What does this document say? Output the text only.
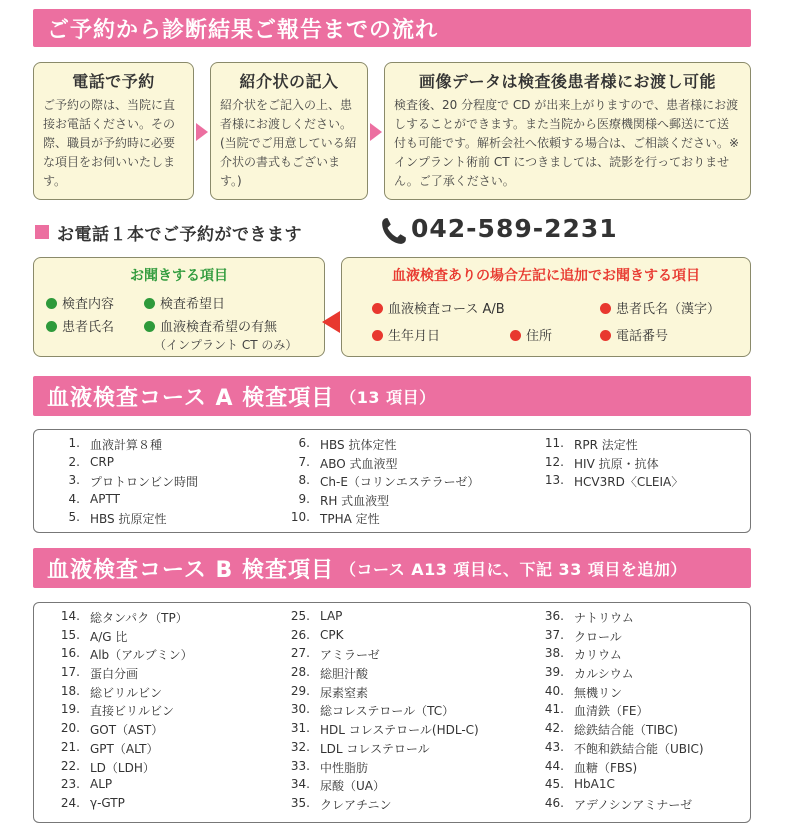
ご予約から診断結果ご報告までの流れ
電話で予約

ご予約の際は、当院に直接お電話ください。その際、職員が予約時に必要な項目をお伺いいたします。

紹介状の記入

紹介状をご記入の上、患者様にお渡しください。(当院でご用意している紹介状の書式もございます。)

画像データは検査後患者様にお渡し可能

検査後、20 分程度で CD が出来上がりますので、患者様にお渡しすることができます。また当院から医療機関様へ郵送にて送付も可能です。解析会社へ依頼する場合は、ご相談ください。※インプラント術前 CT につきましては、読影を行っておりません。ご了承ください。

お電話１本でご予約ができます	042-589-2231
お聞きする項目
検査内容	検査希望日
患者氏名	血液検査希望の有無
（インプラント CT のみ）
血液検査ありの場合左記に追加でお聞きする項目
血液検査コース A/B	患者氏名（漢字）
生年月日	住所	電話番号
血液検査コース A 検査項目 （13 項目）
1. 血液計算８種
2. CRP
3. プロトロンビン時間
4. APTT
5. HBS 抗原定性
6. HBS 抗体定性
7. ABO 式血液型
8. Ch-E（コリンエステラーゼ）
9. RH 式血液型
10. TPHA 定性
11. RPR 法定性
12. HIV 抗原・抗体
13. HCV3RD〈CLEIA〉
血液検査コース B 検査項目 （コース A13 項目に、下記 33 項目を追加）
14. 総タンパク（TP）
15. A/G 比
16. Alb（アルブミン）
17. 蛋白分画
18. 総ビリルビン
19. 直接ビリルビン
20. GOT（AST）
21. GPT（ALT）
22. LD（LDH）
23. ALP
24. γ-GTP
25. LAP
26. CPK
27. アミラーゼ
28. 総胆汁酸
29. 尿素窒素
30. 総コレステロール（TC）
31. HDL コレステロール(HDL-C)
32. LDL コレステロール
33. 中性脂肪
34. 尿酸（UA）
35. クレアチニン
36. ナトリウム
37. クロール
38. カリウム
39. カルシウム
40. 無機リン
41. 血清鉄（FE）
42. 総鉄結合能（TIBC)
43. 不飽和鉄結合能（UBIC)
44. 血糖（FBS)
45. HbA1C
46. アデノシンアミナーゼ
